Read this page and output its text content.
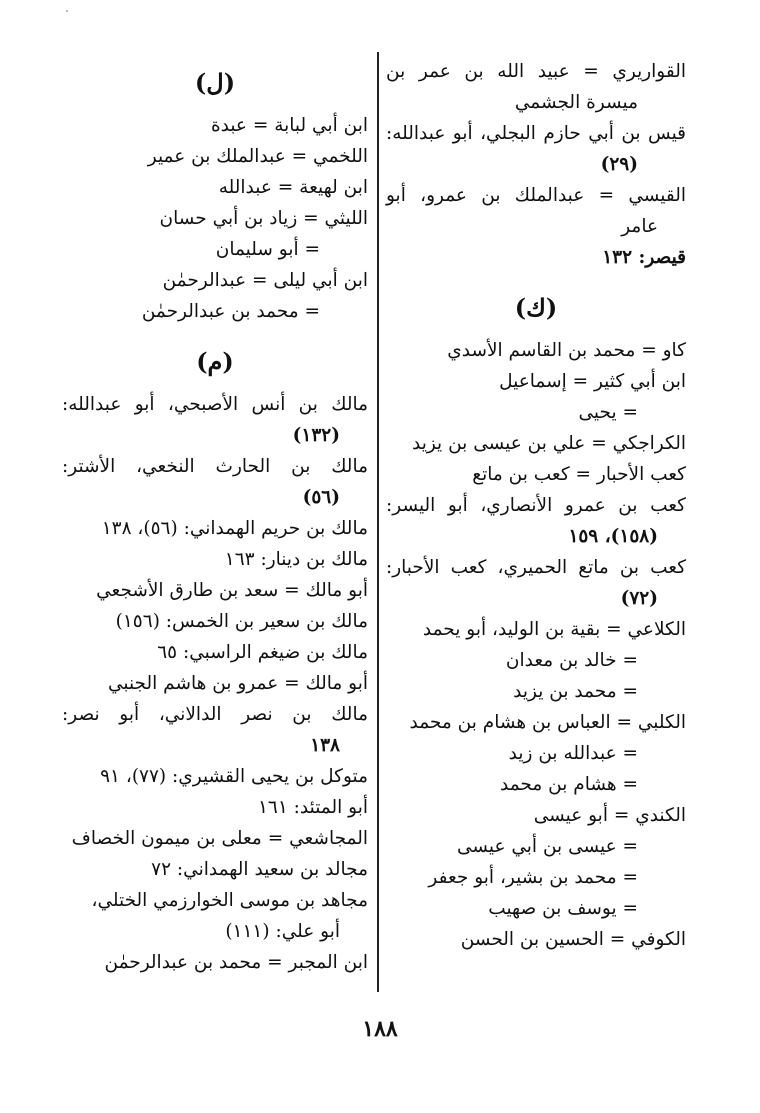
القواريري = عبيد الله بن عمر بن

ميسرة الجشمي

قيس بن أبي حازم البجلي، أبو عبدالله:

(٢٩)

القيسي = عبدالملك بن عمرو، أبو

عامر

قيصر: ١٣٢

(ك)

كاو = محمد بن القاسم الأسدي

ابن أبي كثير = إسماعيل

= يحيى

الكراجكي = علي بن عيسى بن يزيد

كعب الأحبار = كعب بن ماتع

كعب بن عمرو الأنصاري، أبو اليسر:

(١٥٨)، ١٥٩

كعب بن ماتع الحميري، كعب الأحبار:

(٧٢)

الكلاعي = بقية بن الوليد، أبو يحمد

= خالد بن معدان

= محمد بن يزيد

الكلبي = العباس بن هشام بن محمد

= عبدالله بن زيد

= هشام بن محمد

الكندي = أبو عيسى

= عيسى بن أبي عيسى

= محمد بن بشير، أبو جعفر

= يوسف بن صهيب

الكوفي = الحسين بن الحسن

(ل)

ابن أبي لبابة = عبدة

اللخمي = عبدالملك بن عمير

ابن لهيعة = عبدالله

الليثي = زياد بن أبي حسان

= أبو سليمان

ابن أبي ليلى = عبدالرحمٰن

= محمد بن عبدالرحمٰن

(م)

مالك بن أنس الأصبحي، أبو عبدالله:

(١٣٢)

مالك بن الحارث النخعي، الأشتر:

(٥٦)

مالك بن حريم الهمداني: (٥٦)، ١٣٨

مالك بن دينار: ١٦٣

أبو مالك = سعد بن طارق الأشجعي

مالك بن سعير بن الخمس: (١٥٦)

مالك بن ضيغم الراسبي: ٦٥

أبو مالك = عمرو بن هاشم الجنبي

مالك بن نصر الدالاني، أبو نصر:

١٣٨

متوكل بن يحيى القشيري: (٧٧)، ٩١

أبو المتئد: ١٦١

المجاشعي = معلى بن ميمون الخصاف

مجالد بن سعيد الهمداني: ٧٢

مجاهد بن موسى الخوارزمي الختلي،

أبو علي: (١١١)

ابن المجبر = محمد بن عبدالرحمٰن

١٨٨
